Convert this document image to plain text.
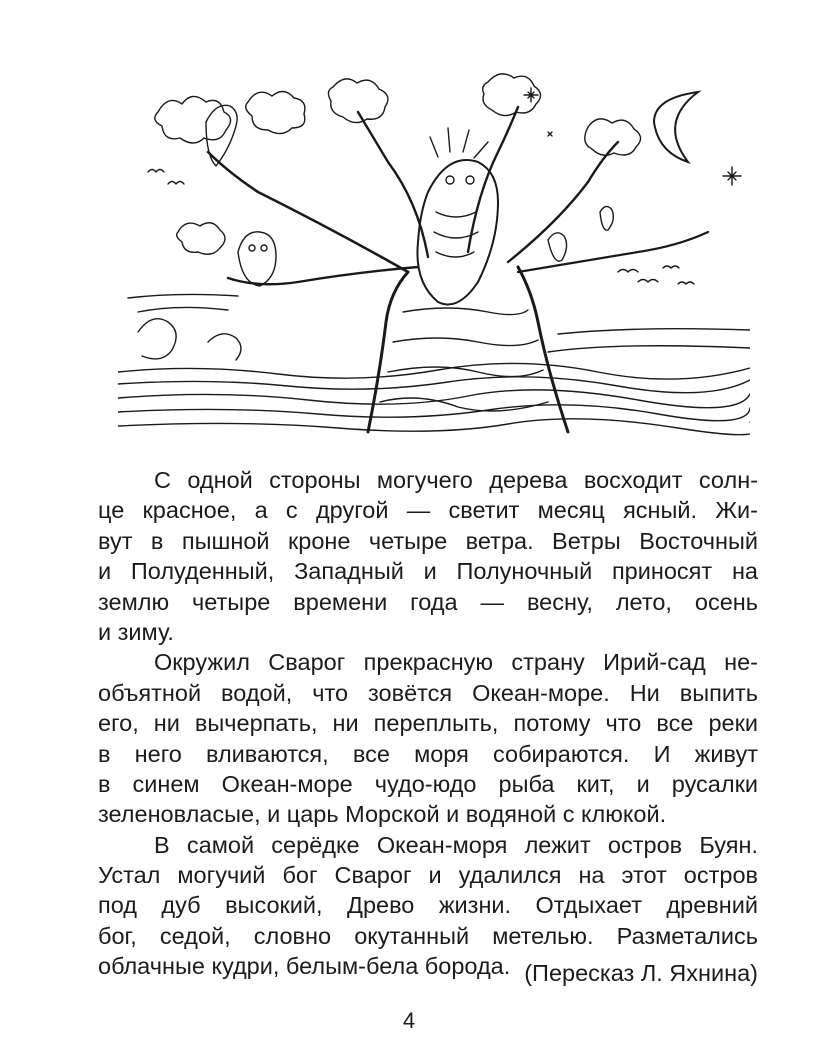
С одной стороны могучего дерева восходит солн-
це красное, а с другой — светит месяц ясный. Жи-
вут в пышной кроне четыре ветра. Ветры Восточный
и Полуденный, Западный и Полуночный приносят на
землю четыре времени года — весну, лето, осень
и зиму.
Окружил Сварог прекрасную страну Ирий-сад не-
объятной водой, что зовётся Океан-море. Ни выпить
его, ни вычерпать, ни переплыть, потому что все реки
в него вливаются, все моря собираются. И живут
в синем Океан-море чудо-юдо рыба кит, и русалки
зеленовласые, и царь Морской и водяной с клюкой.
В самой серёдке Океан-моря лежит остров Буян.
Устал могучий бог Сварог и удалился на этот остров
под дуб высокий, Древо жизни. Отдыхает древний
бог, седой, словно окутанный метелью. Разметались
облачные кудри, белым-бела борода. (Пересказ Л. Яхнина)
4
